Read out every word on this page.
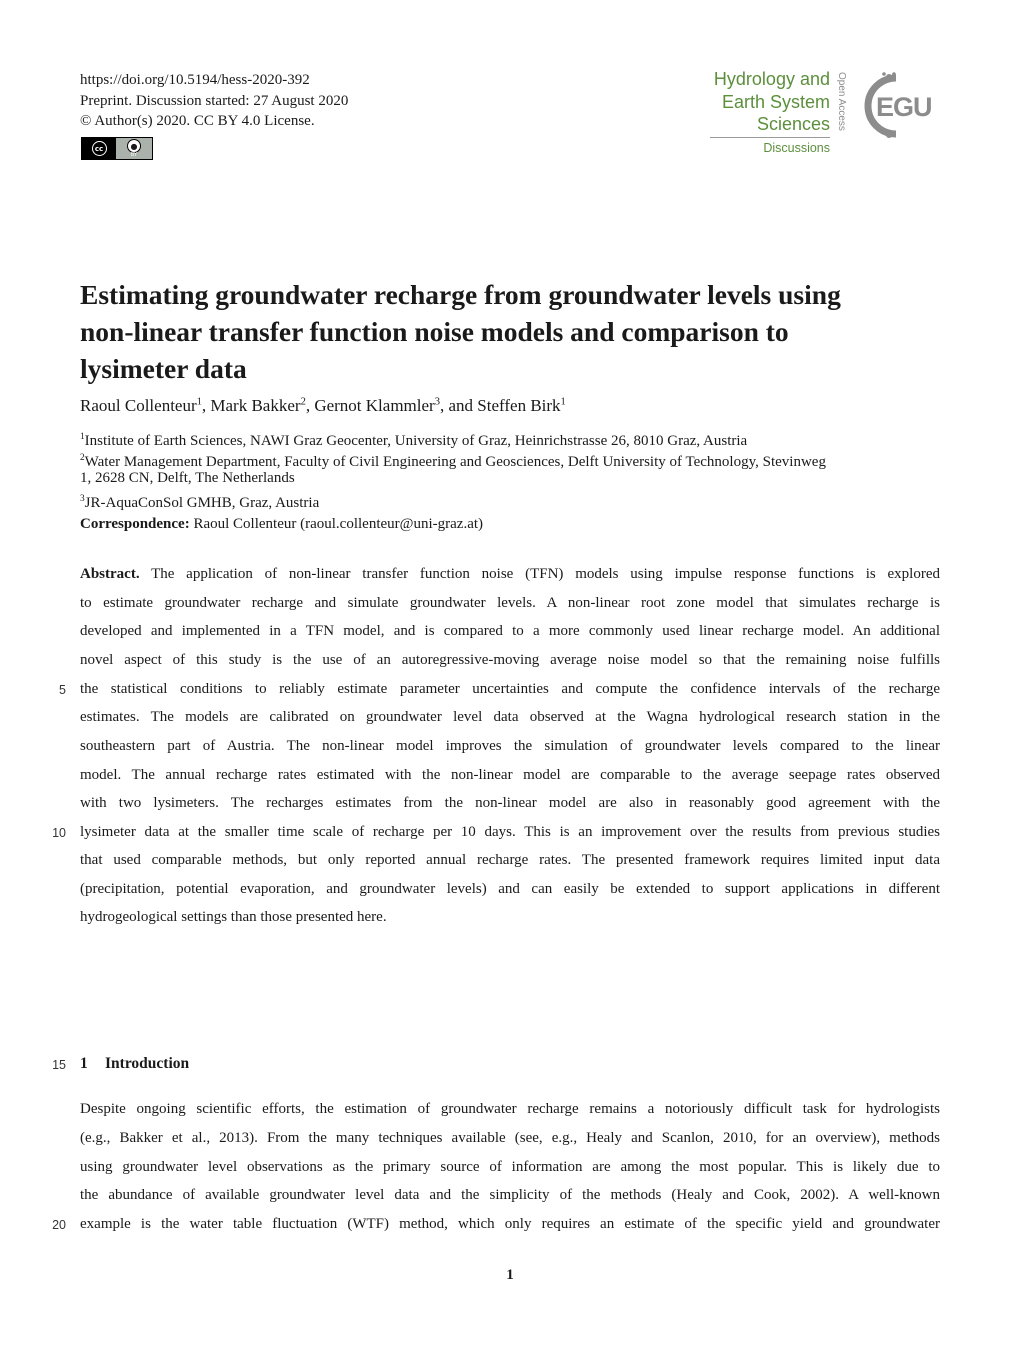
https://doi.org/10.5194/hess-2020-392
Preprint. Discussion started: 27 August 2020
© Author(s) 2020. CC BY 4.0 License.
cc	●
BY
Hydrology and
Earth System
Sciences
Discussions
Open Access EGU
Estimating groundwater recharge from groundwater levels using
non-linear transfer function noise models and comparison to
lysimeter data
Raoul Collenteur$^1$, Mark Bakker$^2$, Gernot Klammler$^3$, and Steffen Birk$^1$
$^1$Institute of Earth Sciences, NAWI Graz Geocenter, University of Graz, Heinrichstrasse 26, 8010 Graz, Austria
$^2$Water Management Department, Faculty of Civil Engineering and Geosciences, Delft University of Technology, Stevinweg
1, 2628 CN, Delft, The Netherlands
$^3$JR-AquaConSol GMHB, Graz, Austria
Correspondence: Raoul Collenteur (raoul.collenteur@uni-graz.at)
Abstract. The application of non-linear transfer function noise (TFN) models using impulse response functions is explored
to estimate groundwater recharge and simulate groundwater levels. A non-linear root zone model that simulates recharge is
developed and implemented in a TFN model, and is compared to a more commonly used linear recharge model. An additional
novel aspect of this study is the use of an autoregressive-moving average noise model so that the remaining noise fulfills
the statistical conditions to reliably estimate parameter uncertainties and compute the confidence intervals of the recharge
estimates. The models are calibrated on groundwater level data observed at the Wagna hydrological research station in the
southeastern part of Austria. The non-linear model improves the simulation of groundwater levels compared to the linear
model. The annual recharge rates estimated with the non-linear model are comparable to the average seepage rates observed
with two lysimeters. The recharges estimates from the non-linear model are also in reasonably good agreement with the
lysimeter data at the smaller time scale of recharge per 10 days. This is an improvement over the results from previous studies
that used comparable methods, but only reported annual recharge rates. The presented framework requires limited input data
(precipitation, potential evaporation, and groundwater levels) and can easily be extended to support applications in different
hydrogeological settings than those presented here.
5
10
15
20
1 Introduction
Despite ongoing scientific efforts, the estimation of groundwater recharge remains a notoriously difficult task for hydrologists
(e.g., Bakker et al., 2013). From the many techniques available (see, e.g., Healy and Scanlon, 2010, for an overview), methods
using groundwater level observations as the primary source of information are among the most popular. This is likely due to
the abundance of available groundwater level data and the simplicity of the methods (Healy and Cook, 2002). A well-known
example is the water table fluctuation (WTF) method, which only requires an estimate of the specific yield and groundwater
1
